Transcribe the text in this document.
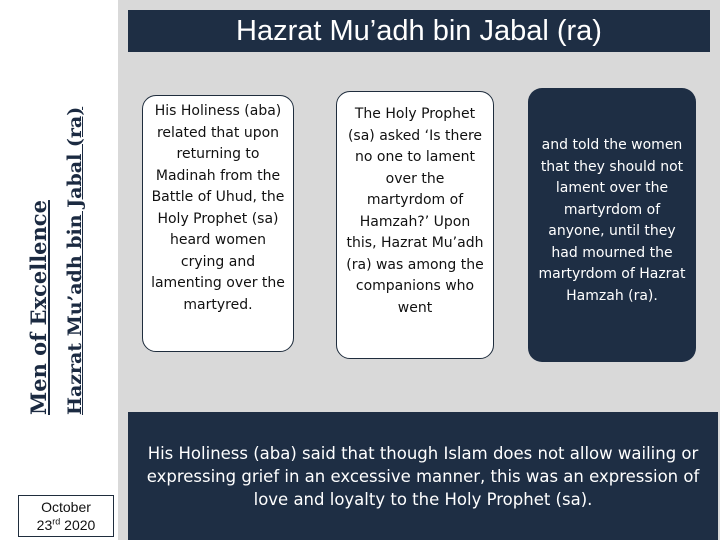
Men of Excellence Hazrat Mu’adh bin Jabal (ra)
October
23rd 2020
Hazrat Mu’adh bin Jabal (ra)
His Holiness (aba) related that upon returning to Madinah from the Battle of Uhud, the Holy Prophet (sa) heard women crying and lamenting over the martyred.
The Holy Prophet (sa) asked ‘Is there no one to lament over the martyrdom of Hamzah?’ Upon this, Hazrat Mu’adh (ra) was among the companions who went
and told the women that they should not lament over the martyrdom of anyone, until they had mourned the martyrdom of Hazrat Hamzah (ra).
His Holiness (aba) said that though Islam does not allow wailing or expressing grief in an excessive manner, this was an expression of love and loyalty to the Holy Prophet (sa).
